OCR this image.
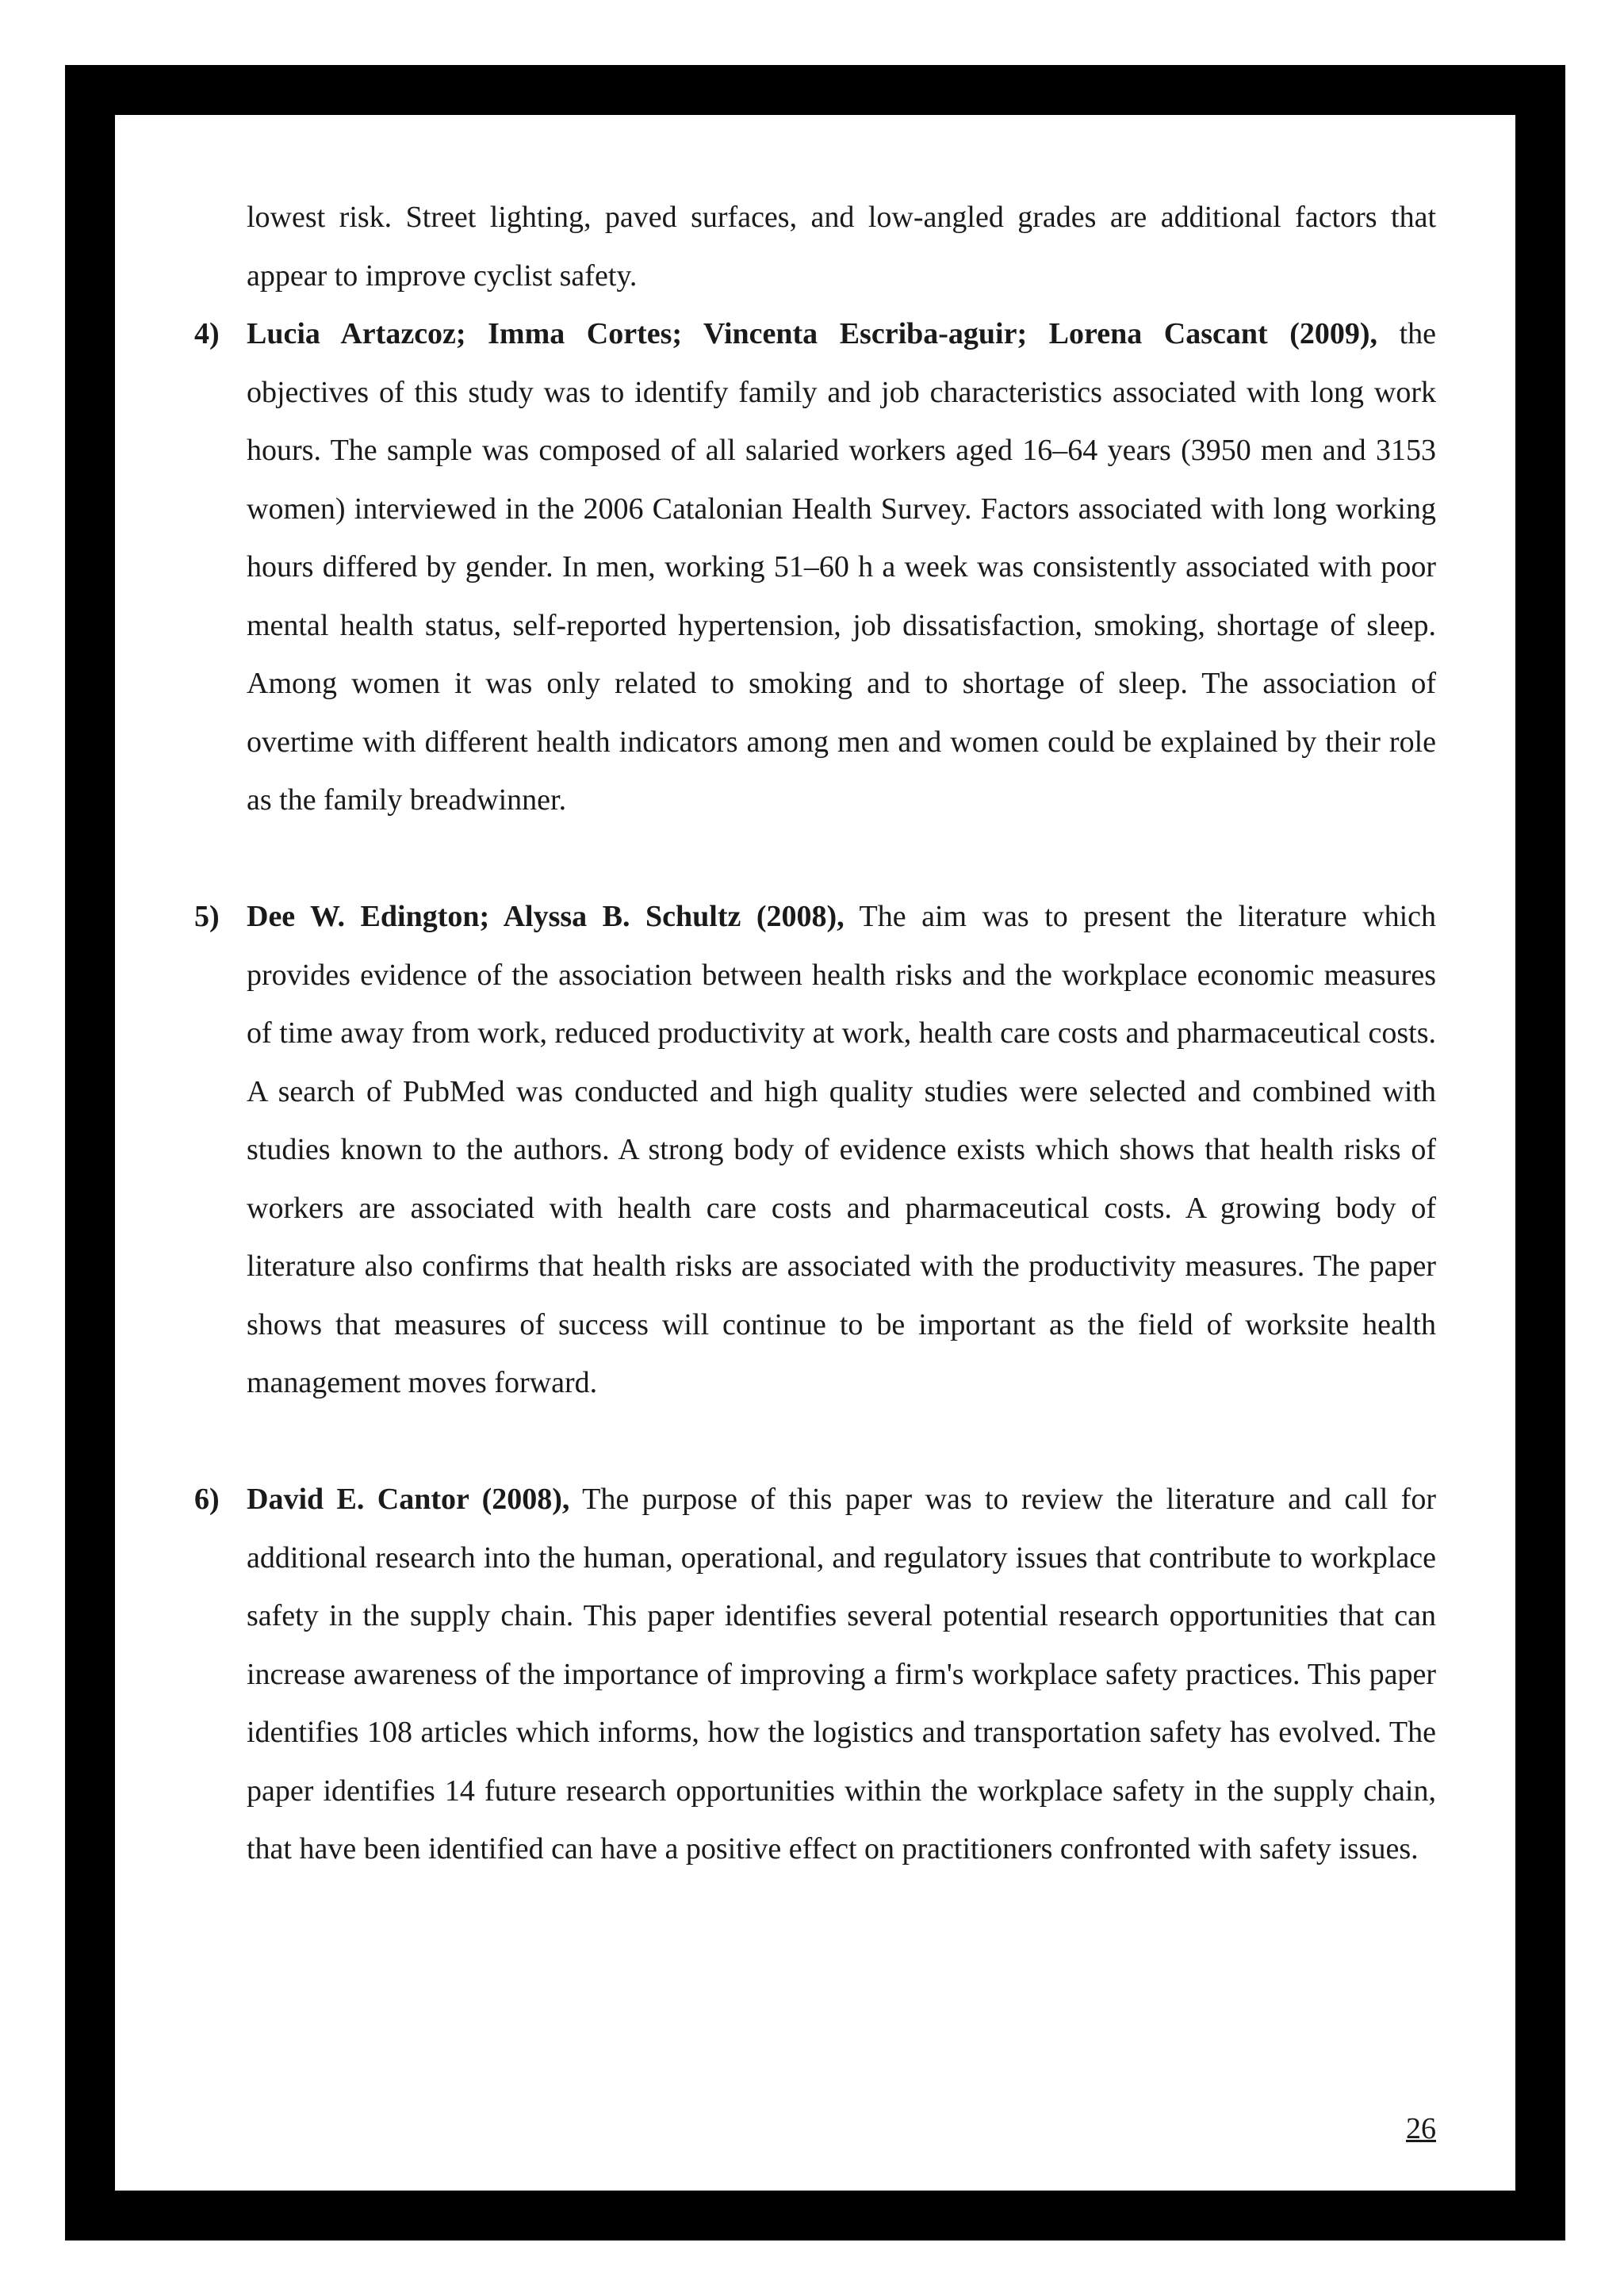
lowest risk. Street lighting, paved surfaces, and low-angled grades are additional factors that appear to improve cyclist safety.

4) Lucia Artazcoz; Imma Cortes; Vincenta Escriba-aguir; Lorena Cascant (2009), the objectives of this study was to identify family and job characteristics associated with long work hours. The sample was composed of all salaried workers aged 16–64 years (3950 men and 3153 women) interviewed in the 2006 Catalonian Health Survey. Factors associated with long working hours differed by gender. In men, working 51–60 h a week was consistently associated with poor mental health status, self-reported hypertension, job dissatisfaction, smoking, shortage of sleep. Among women it was only related to smoking and to shortage of sleep. The association of overtime with different health indicators among men and women could be explained by their role as the family breadwinner.
5) Dee W. Edington; Alyssa B. Schultz (2008), The aim was to present the literature which provides evidence of the association between health risks and the workplace economic measures of time away from work, reduced productivity at work, health care costs and pharmaceutical costs. A search of PubMed was conducted and high quality studies were selected and combined with studies known to the authors. A strong body of evidence exists which shows that health risks of workers are associated with health care costs and pharmaceutical costs. A growing body of literature also confirms that health risks are associated with the productivity measures. The paper shows that measures of success will continue to be important as the field of worksite health management moves forward.
6) David E. Cantor (2008), The purpose of this paper was to review the literature and call for additional research into the human, operational, and regulatory issues that contribute to workplace safety in the supply chain. This paper identifies several potential research opportunities that can increase awareness of the importance of improving a firm's workplace safety practices. This paper identifies 108 articles which informs, how the logistics and transportation safety has evolved. The paper identifies 14 future research opportunities within the workplace safety in the supply chain, that have been identified can have a positive effect on practitioners confronted with safety issues.
26
